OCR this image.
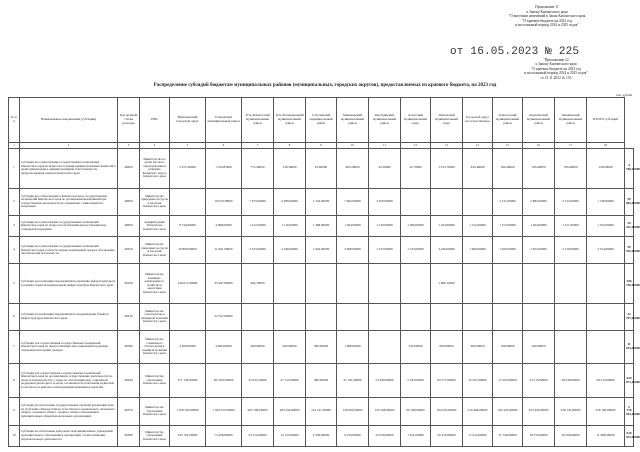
Приложение 11
к Закону Камчатского края
"О внесении изменений в Закон Камчатского края
"О краевом бюджете на 2023 год
и на плановый период 2024 и 2025 годов"
от 16.05.2023 № 225
"Приложение 22
к Закону Камчатского края
"О краевом бюджете на 2023 год
и на плановый период 2024 и 2025 годов"
от 21.11.2022 № 155
Распределение субсидий бюджетам муниципальных районов (муниципальных, городских округов), предоставляемых из краевого бюджета, на 2023 год
тыс. рублей
№ п/п	Наименование направления (субсидии)	Код целевой статьи расходов	ГРБС	Вилючинский городской округ	Елизовский муниципальный район	Усть-Камчатский муниципальный район	Усть-Большерецкий муниципальный район	Соболевский муниципальный район	Мильковский муниципальный район	Быстринский муниципальный район	Алеутский муниципальный округ	Тигильский муниципальный округ	Городской округ «поселок Палана»	Олюторский муниципальный район	Карагинский муниципальный район	Пенжинский муниципальный район	ИТОГО субсидий	
1	2	3	4	5	6	7	8	9	10	11	12	13	14	15	16	17	18	
1	Субсидии на осуществление государственных полномочий Камчатского края по вопросам создания административных комиссий в целях привлечения к административной ответственности, предусмотренной законом Камчатского края	40000	Министерство по делам местного самоуправления и развитию Корякского округа Камчатского края	2 472,30000	1 559,83000	772,40000	136,30000	91,60000	403,29000	45,50000	22,70000	1 013,70000	343,40000	160,40000	193,60000	195,60000	156,00000	4 768,40000
2	Субсидии на осуществление в Камчатском крае государственных полномочий Камчатского края по организации мероприятий при осуществлении деятельности по обращению с животными без владельцев	40000	Министерство природных ресурсов и экологии Камчатского края		19 070,38000	7 673,60000	4 286,00000	2 154,00000	7 962,00000	3 076,00000				5 211,00000	5 882,00000	2 512,00000	1 728,00000	59 983,00000
3	Субсидии на осуществление государственных полномочий Камчатского края по вопросам обеспечения предоставления мер социальной поддержки	40000	Администрация Губернатора Камчатского края	8 744,00000	4 008,00000	1 412,00000	1 116,00000	1 468,00000	1 364,00000	1 120,00000	1 396,00000	1 164,00000	1 312,00000	1 572,00000	1 264,00000	1 311,00000	1 332,00000	29 412,00000
4	Субсидии на осуществление государственных полномочий Камчатского края в области охраны окружающей среды и обеспечения экологической безопасности	40320	Министерство природных ресурсов и экологии Камчатского края	26 860,00000	11 091,00000	3 613,00000	2 446,00000	1 944,00000	3 668,00000	1 473,00000	1 743,00000	3 426,00000	1 906,00000	1 920,00000	2 652,00000	2 319,00000	3 314,00000	59 910,00000
5	Субсидии на реализацию мероприятий по развитию инфраструктуры и созданию объектов коммунальной инфраструктуры Камчатского края	40320	Министерство жилищно-коммунального хозяйства и энергетики Камчатского края	249 011,00000	35 497,00000	482,70000						1 086,10000						286 756,00000
6	Субсидии на реализацию мероприятий по модернизации объектов инфраструктуры Камчатского края	40410	Министерство строительства и жилищной политики Камчатского края		22 767,00000													22 767,00000
7	Субсидии для осуществления государственных полномочий Камчатского края по предоставлению мер социальной поддержки отдельным категориям граждан	40580	Министерство социального благополучия и семейной политики Камчатского края	4 200,00000	4 996,00000	400,00000	200,00000	300,00000	1 086,00000		352,00000	600,00000	200,00000	100,00000	200,00000			11 634,00000
8	Субсидии для осуществления государственных полномочий Камчатского края по организации и осуществлению деятельности по опеке и попечительству, а также по обеспечению мер социальной поддержки детей-сирот и детей, оставшихся без попечения родителей, в том числе по выплате вознаграждения приемным родителям	40440	Министерство образования Камчатского края	377 139,00000	307 810,00000	32 031,00000	27 723,00000	490,00000	41 181,00000	53 369,00000	5 333,00000	95 577,00000	32 507,00000	27 295,00000	23 515,00000	28 549,00000	28 315,00000	620 071,00000
9	Субсидии на обеспечение государственных гарантий реализации прав на получение общедоступного и бесплатного дошкольного, начального общего, основного общего, среднего общего образования в муниципальных общеобразовательных организациях	40370	Министерство образования Камчатского края	1 019 362,00000	1 459 552,00000	905 706,00000	283 434,00000	161 147,00000	130 832,00000	143 258,00000	60 180,00000	104 035,00000	514 466,00000	104 435,00000	233 434,00000	238 145,00000	220 100,00000	5 726 025,00000
10	Субсидии на обеспечение деятельности муниципальных учреждений дополнительного образования и организаций, осуществляющих образовательную деятельность	40380	Министерство образования Камчатского края	235 792,00000	75 406,00000	33 154,00000	12 125,00000	4 356,00000	6 476,00000	22 030,00000	7 611,00000	20 476,00000	17 614,00000	31 749,00000	18 333,00000	30 206,00000	11 986,00000	630 933,00000
